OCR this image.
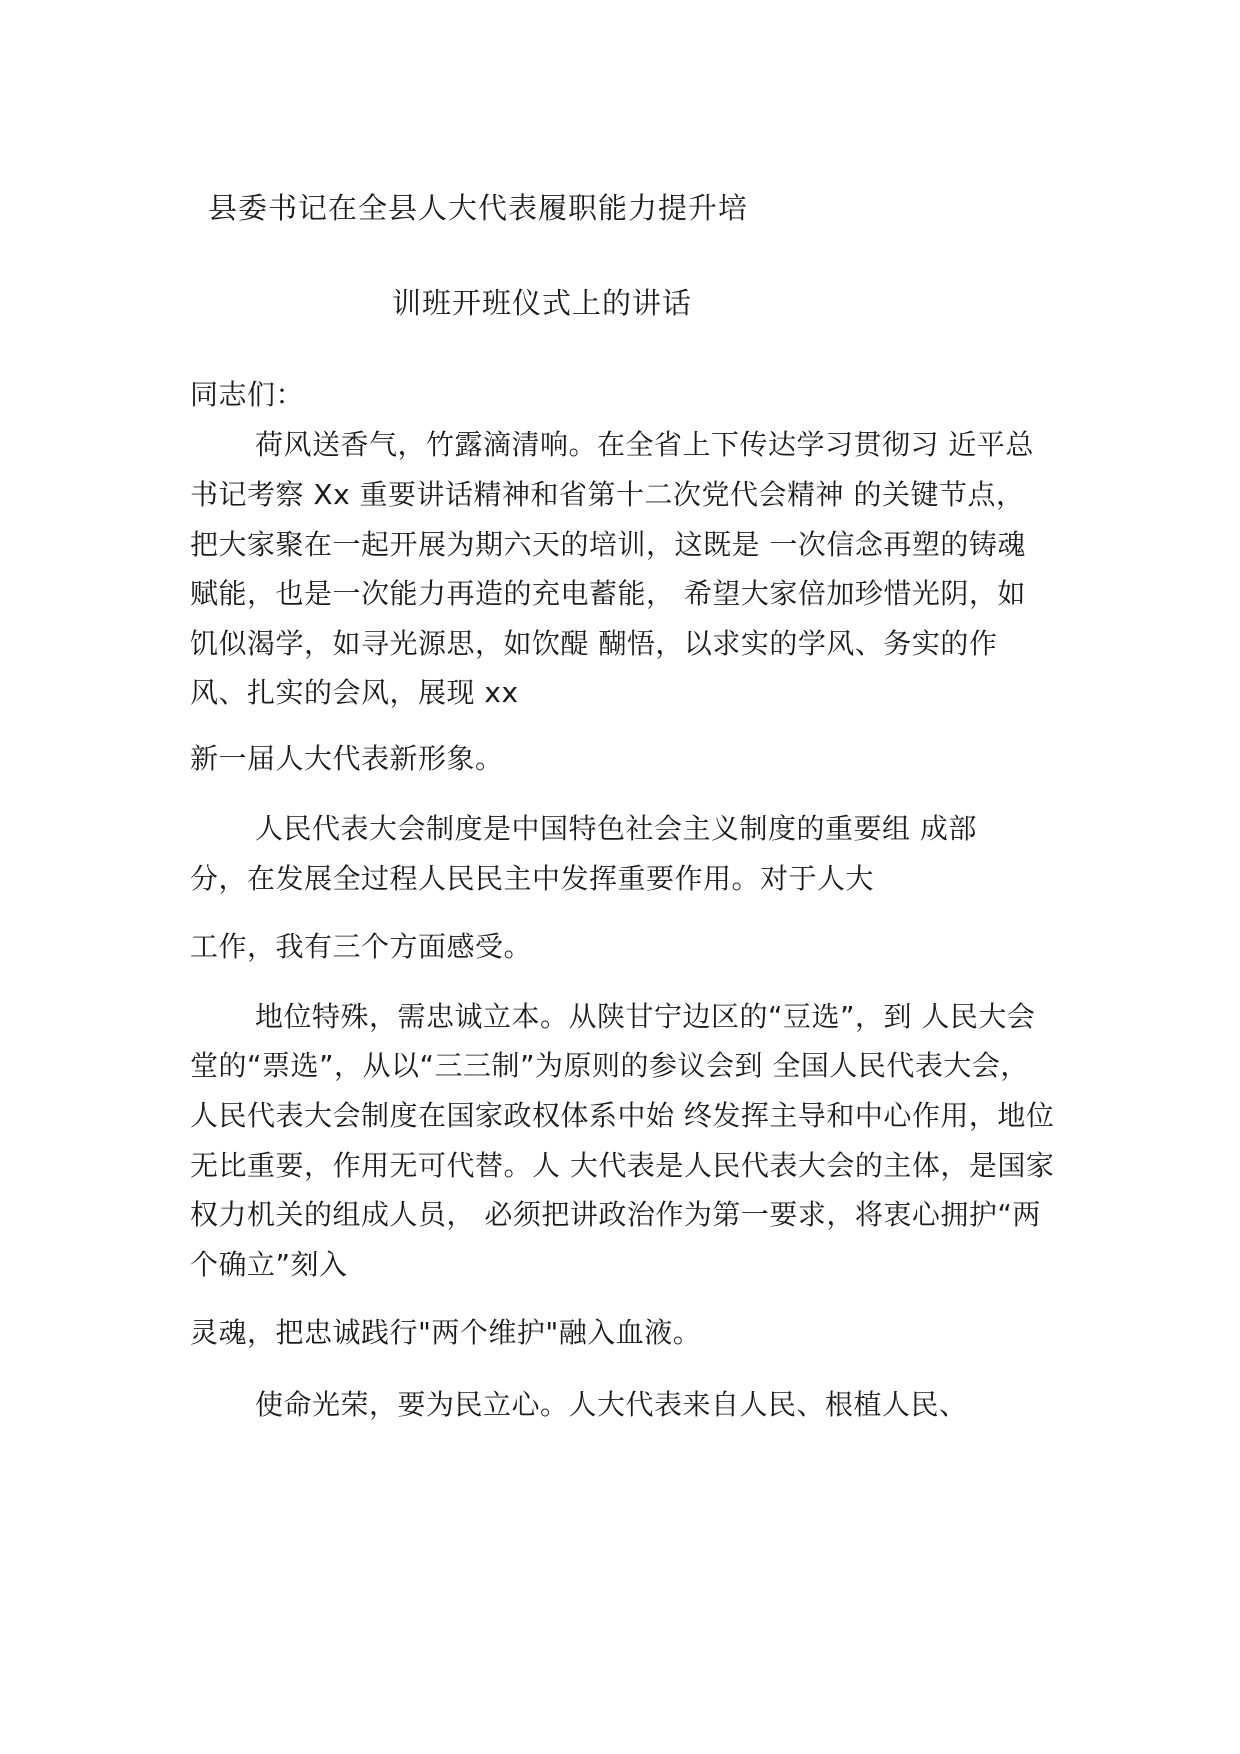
县委书记在全县人大代表履职能力提升培
训班开班仪式上的讲话
同志们：
荷风送香气，竹露滴清响。在全省上下传达学习贯彻习 近平总
书记考察 Xx 重要讲话精神和省第十二次党代会精神 的关键节点，
把大家聚在一起开展为期六天的培训，这既是 一次信念再塑的铸魂
赋能，也是一次能力再造的充电蓄能， 希望大家倍加珍惜光阴，如
饥似渴学，如寻光源思，如饮醍 醐悟，以求实的学风、务实的作
风、扎实的会风，展现 xx
新一届人大代表新形象。
人民代表大会制度是中国特色社会主义制度的重要组 成部
分，在发展全过程人民民主中发挥重要作用。对于人大
工作，我有三个方面感受。
地位特殊，需忠诚立本。从陕甘宁边区的“豆选”，到 人民大会
堂的“票选”，从以“三三制”为原则的参议会到 全国人民代表大会，
人民代表大会制度在国家政权体系中始 终发挥主导和中心作用，地位
无比重要，作用无可代替。人 大代表是人民代表大会的主体，是国家
权力机关的组成人员， 必须把讲政治作为第一要求，将衷心拥护“两
个确立”刻入
灵魂，把忠诚践行"两个维护"融入血液。
使命光荣，要为民立心。人大代表来自人民、根植人民、
